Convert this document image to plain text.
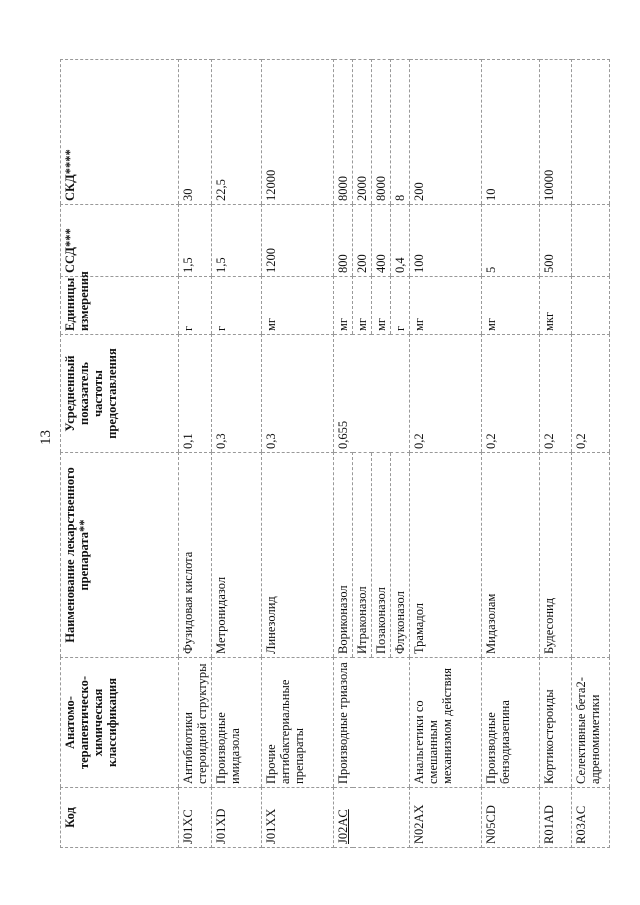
13
Код	Анатомо-терапевтическо-химическая классификация	Наименование лекарственного препарата**	Усредненный показатель частоты предоставления	Единицы измерения	ССД***	СКД****
J01XC	Антибиотики стероидной структуры	Фузидовая кислота	0,1	г	1,5	30
J01XD	Производные имидазола	Метронидазол	0,3	г	1,5	22,5
J01XX	Прочие антибактериальные препараты	Линезолид	0,3	мг	1200	12000
J02AC	Производные триазола	Вориконазол	0,655	мг	800	8000
		Итраконазол		мг	200	2000
		Позаконазол		мг	400	8000
		Флуконазол		г	0,4	8
N02AX	Анальгетики со смешанным механизмом действия	Трамадол	0,2	мг	100	200
N05CD	Производные бензодиазепина	Мидазолам	0,2	мг	5	10
R01AD	Кортикостероиды	Будесонид	0,2	мкг	500	10000
R03AC	Селективные бета2-адреномиметики		0,2			
